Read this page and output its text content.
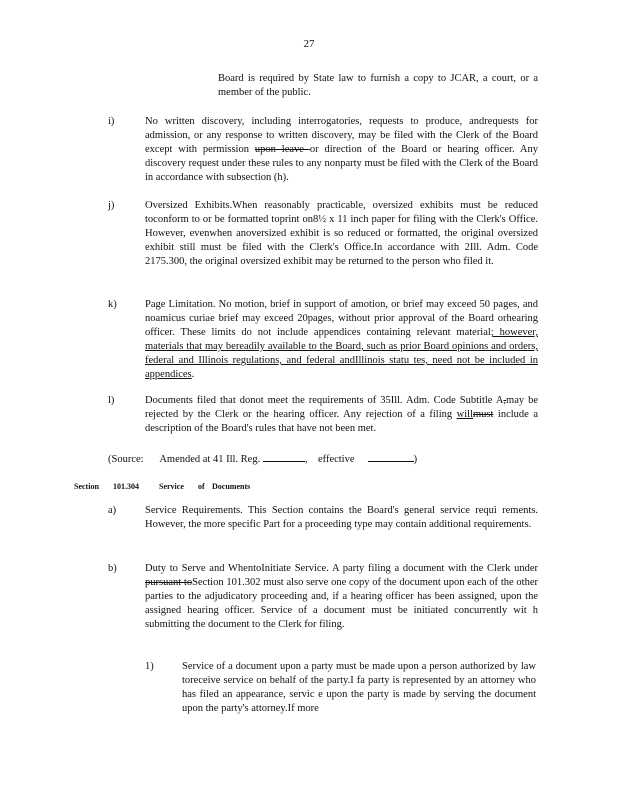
27
Board is required by State law to furnish a copy to JCAR, a court, or a member of the public.
i)	No written discovery, including interrogatories, requests to produce, andrequests for admission, or any response to written discovery, may be filed with the Clerk of the Board except with permission upon leave or direction of the Board or hearing officer. Any discovery request under these rules to any nonparty must be filed with the Clerk of the Board in accordance with subsection (h).
j)	Oversized Exhibits.When reasonably practicable, oversized exhibits must be reduced toconform to or be formatted toprint on8½ x 11 inch paper for filing with the Clerk's Office. However, evenwhen anoversized exhibit is so reduced or formatted, the original oversized exhibit still must be filed with the Clerk's Office.In accordance with 2Ill. Adm. Code 2175.300, the original oversized exhibit may be returned to the person who filed it.
k)	Page Limitation. No motion, brief in support of amotion, or brief may exceed 50 pages, and noamicus curiae brief may exceed 20pages, without prior approval of the Board orhearing officer. These limits do not include appendices containing relevant material; however, materials that may bereadily available to the Board, such as prior Board opinions and orders, federal and Illinois regulations, and federal andIllinois statu tes, need not be included in appendices.
l)	Documents filed that donot meet the requirements of 35Ill. Adm. Code Subtitle A,may be rejected by the Clerk or the hearing officer. Any rejection of a filing willmust include a description of the Board's rules that have not been met.
(Source: Amended at 41 Ill. Reg.	, effective	)
Section 101.304	Service of Documents
a)	Service Requirements. This Section contains the Board's general service requi rements. However, the more specific Part for a proceeding type may contain additional requirements.
b)	Duty to Serve and WhentoInitiate Service. A party filing a document with the Clerk under pursuant toSection 101.302 must also serve one copy of the document upon each of the other parties to the adjudicatory proceeding and, if a hearing officer has been assigned, upon the assigned hearing officer. Service of a document must be initiated concurrently wit h submitting the document to the Clerk for filing.
1)	Service of a document upon a party must be made upon a person authorized by law toreceive service on behalf of the party.I fa party is represented by an attorney who has filed an appearance, servic e upon the party is made by serving the document upon the party's attorney.If more
